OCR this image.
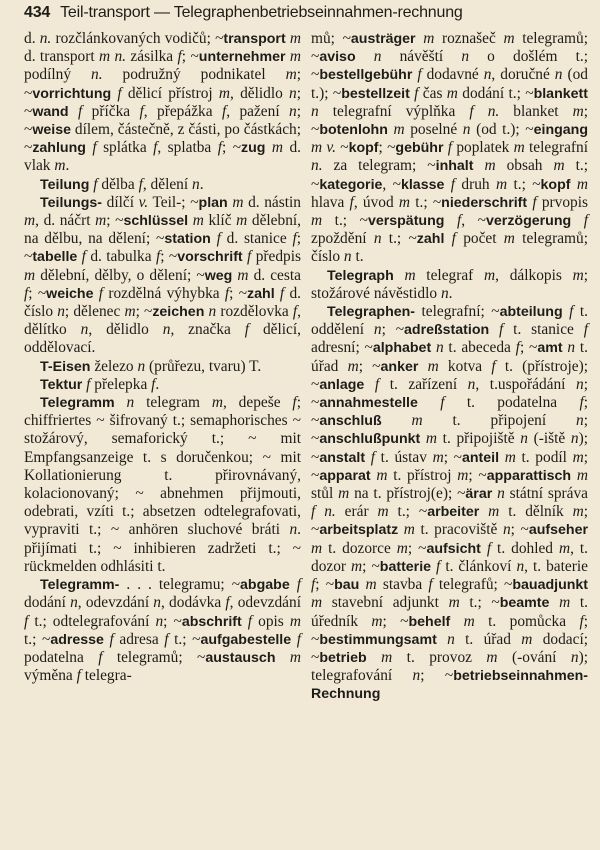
434 Teil-transport — Telegraphenbetriebseinnahmen-rechnung

d. n. rozčlánkovaných vodičů; ~transport m d. transport m n. zásilka f; ~unternehmer m podílný n. podružný podnikatel m; ~vorrichtung f dělicí přístroj m, dělidlo n; ~wand f příčka f, přepážka f, pažení n; ~weise dílem, částečně, z části, po částkách; ~zahlung f splátka f, splatba f; ~zug m d. vlak m.

Teilung f dělba f, dělení n.

Teilungs- dílčí v. Teil-; ~plan m d. nástin m, d. náčrt m; ~schlüssel m klíč m dělební, na dělbu, na dělení; ~station f d. stanice f; ~tabelle f d. tabulka f; ~vorschrift f předpis m dělební, dělby, o dělení; ~weg m d. cesta f; ~weiche f rozdělná výhybka f; ~zahl f d. číslo n; dělenec m; ~zeichen n rozdělovka f, dělítko n, dělidlo n, značka f dělicí, oddělovací.

T-Eisen železo n (průřezu, tvaru) T.

Tektur f přelepka f.

Telegramm n telegram m, depeše f; chiffriertes ~ šifrovaný t.; semaphorisches ~ stožárový, semaforický t.; ~ mit Empfangsanzeige t. s doručenkou; ~ mit Kollationierung t. přirovnávaný, kolacionovaný; ~ abnehmen přijmouti, odebrati, vzíti t.; absetzen odtelegrafovati, vypraviti t.; ~ anhören sluchové bráti n. přijímati t.; ~ inhibieren zadržeti t.; ~ rückmelden odhlásiti t.

Telegramm- . . . telegramu; ~abgabe f dodání n, odevzdání n, dodávka f, odevzdání f t.; odtelegrafování n; ~abschrift f opis m t.; ~adresse f adresa f t.; ~aufgabestelle f podatelna f telegramů; ~austausch m výměna f telegra-

mů; ~austräger m roznašeč m telegramů; ~aviso n návěští n o došlém t.; ~bestellgebühr f dodavné n, doručné n (od t.); ~bestellzeit f čas m dodání t.; ~blankett n telegrafní výplňka f n. blanket m; ~botenlohn m poselné n (od t.); ~eingang m v. ~kopf; ~gebühr f poplatek m telegrafní n. za telegram; ~inhalt m obsah m t.; ~kategorie, ~klasse f druh m t.; ~kopf m hlava f, úvod m t.; ~niederschrift f prvopis m t.; ~verspätung f, ~verzögerung f zpoždění n t.; ~zahl f počet m telegramů; číslo n t.

Telegraph m telegraf m, dálkopis m; stožárové návěstidlo n.

Telegraphen- telegrafní; ~abteilung f t. oddělení n; ~adreßstation f t. stanice f adresní; ~alphabet n t. abeceda f; ~amt n t. úřad m; ~anker m kotva f t. (přístroje); ~anlage f t. zařízení n, t.uspořádání n; ~annahmestelle f t. podatelna f; ~anschluß m t. připojení n; ~anschlußpunkt m t. připojiště n (-iště n); ~anstalt f t. ústav m; ~anteil m t. podíl m; ~apparat m t. přístroj m; ~apparattisch m stůl m na t. přístroj(e); ~ärar n státní správa f n. erár m t.; ~arbeiter m t. dělník m; ~arbeitsplatz m t. pracoviště n; ~aufseher m t. dozorce m; ~aufsicht f t. dohled m, t. dozor m; ~batterie f t. článkoví n, t. baterie f; ~bau m stavba f telegrafů; ~bauadjunkt m stavební adjunkt m t.; ~beamte m t. úředník m; ~behelf m t. pomůcka f; ~bestimmungsamt n t. úřad m dodací; ~betrieb m t. provoz m (-ování n); telegrafování n; ~betriebseinnahmen-Rechnung
